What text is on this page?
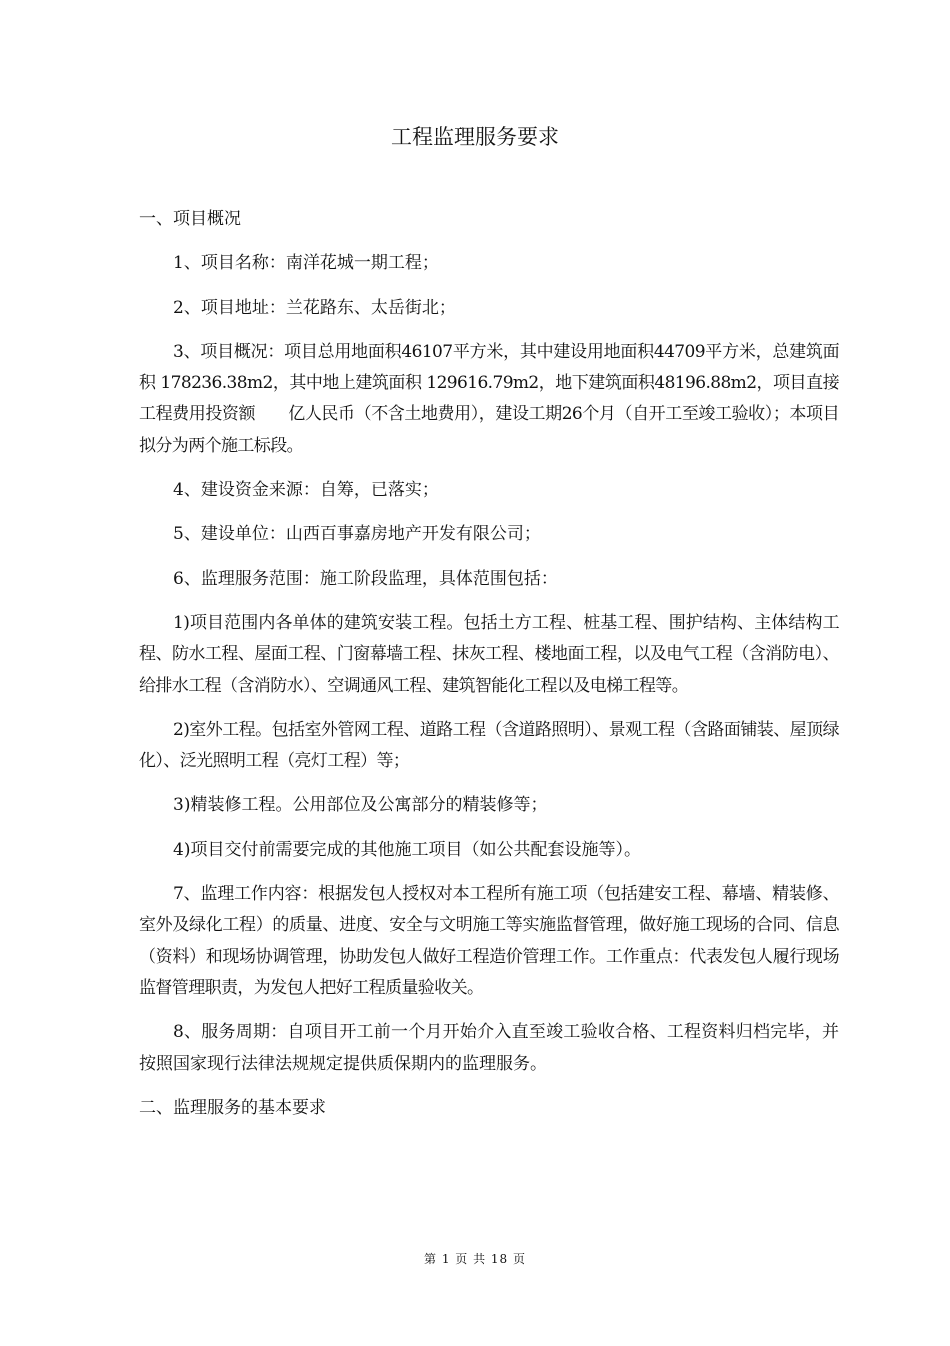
工程监理服务要求

一、项目概况

1、项目名称：南洋花城一期工程；

2、项目地址：兰花路东、太岳街北；

3、项目概况：项目总用地面积46107平方米，其中建设用地面积44709平方米，总建筑面积 178236.38m2，其中地上建筑面积 129616.79m2，地下建筑面积48196.88m2，项目直接工程费用投资额　　亿人民币（不含土地费用），建设工期26个月（自开工至竣工验收）；本项目拟分为两个施工标段。

4、建设资金来源：自筹，已落实；

5、建设单位：山西百事嘉房地产开发有限公司；

6、监理服务范围：施工阶段监理，具体范围包括：

1)项目范围内各单体的建筑安装工程。包括土方工程、桩基工程、围护结构、主体结构工程、防水工程、屋面工程、门窗幕墙工程、抹灰工程、楼地面工程，以及电气工程（含消防电）、给排水工程（含消防水）、空调通风工程、建筑智能化工程以及电梯工程等。

2)室外工程。包括室外管网工程、道路工程（含道路照明）、景观工程（含路面铺装、屋顶绿化）、泛光照明工程（亮灯工程）等；

3)精装修工程。公用部位及公寓部分的精装修等；

4)项目交付前需要完成的其他施工项目（如公共配套设施等）。

7、监理工作内容：根据发包人授权对本工程所有施工项（包括建安工程、幕墙、精装修、室外及绿化工程）的质量、进度、安全与文明施工等实施监督管理，做好施工现场的合同、信息（资料）和现场协调管理，协助发包人做好工程造价管理工作。工作重点：代表发包人履行现场监督管理职责，为发包人把好工程质量验收关。

8、服务周期：自项目开工前一个月开始介入直至竣工验收合格、工程资料归档完毕，并按照国家现行法律法规规定提供质保期内的监理服务。

二、监理服务的基本要求

第 1 页 共 18 页
